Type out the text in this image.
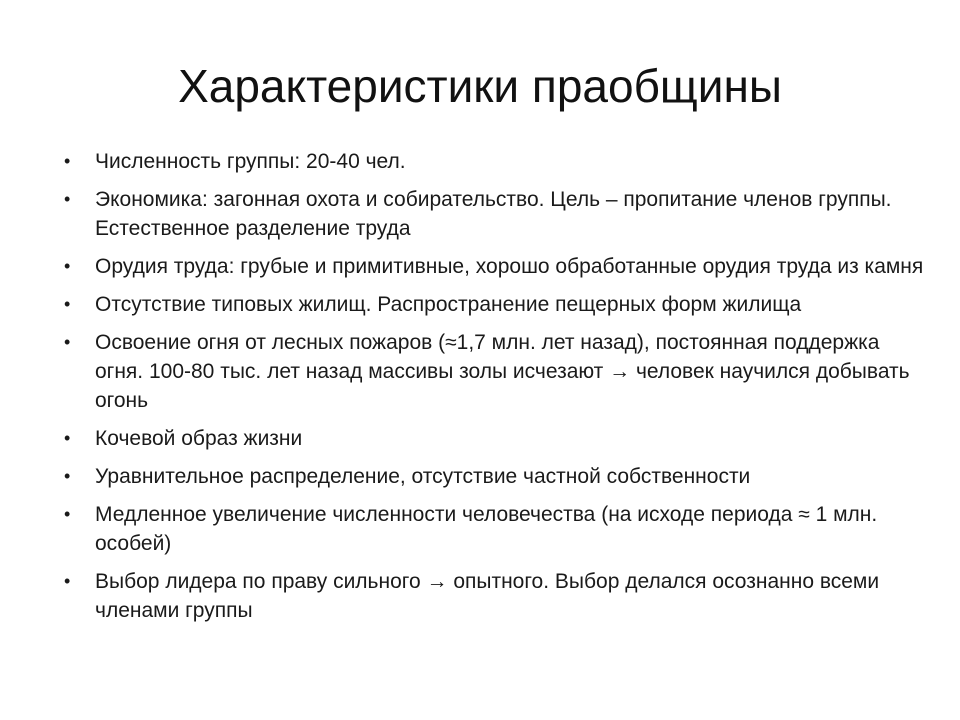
Характеристики праобщины
• Численность группы: 20-40 чел.
• Экономика: загонная охота и собирательство. Цель – пропитание членов группы. Естественное разделение труда
• Орудия труда: грубые и примитивные, хорошо обработанные орудия труда из камня
• Отсутствие типовых жилищ. Распространение пещерных форм жилища
• Освоение огня от лесных пожаров (≈1,7 млн. лет назад), постоянная поддержка огня. 100-80 тыс. лет назад массивы золы исчезают → человек научился добывать огонь
• Кочевой образ жизни
• Уравнительное распределение, отсутствие частной собственности
• Медленное увеличение численности человечества (на исходе периода ≈ 1 млн. особей)
• Выбор лидера по праву сильного → опытного. Выбор делался осознанно всеми членами группы
